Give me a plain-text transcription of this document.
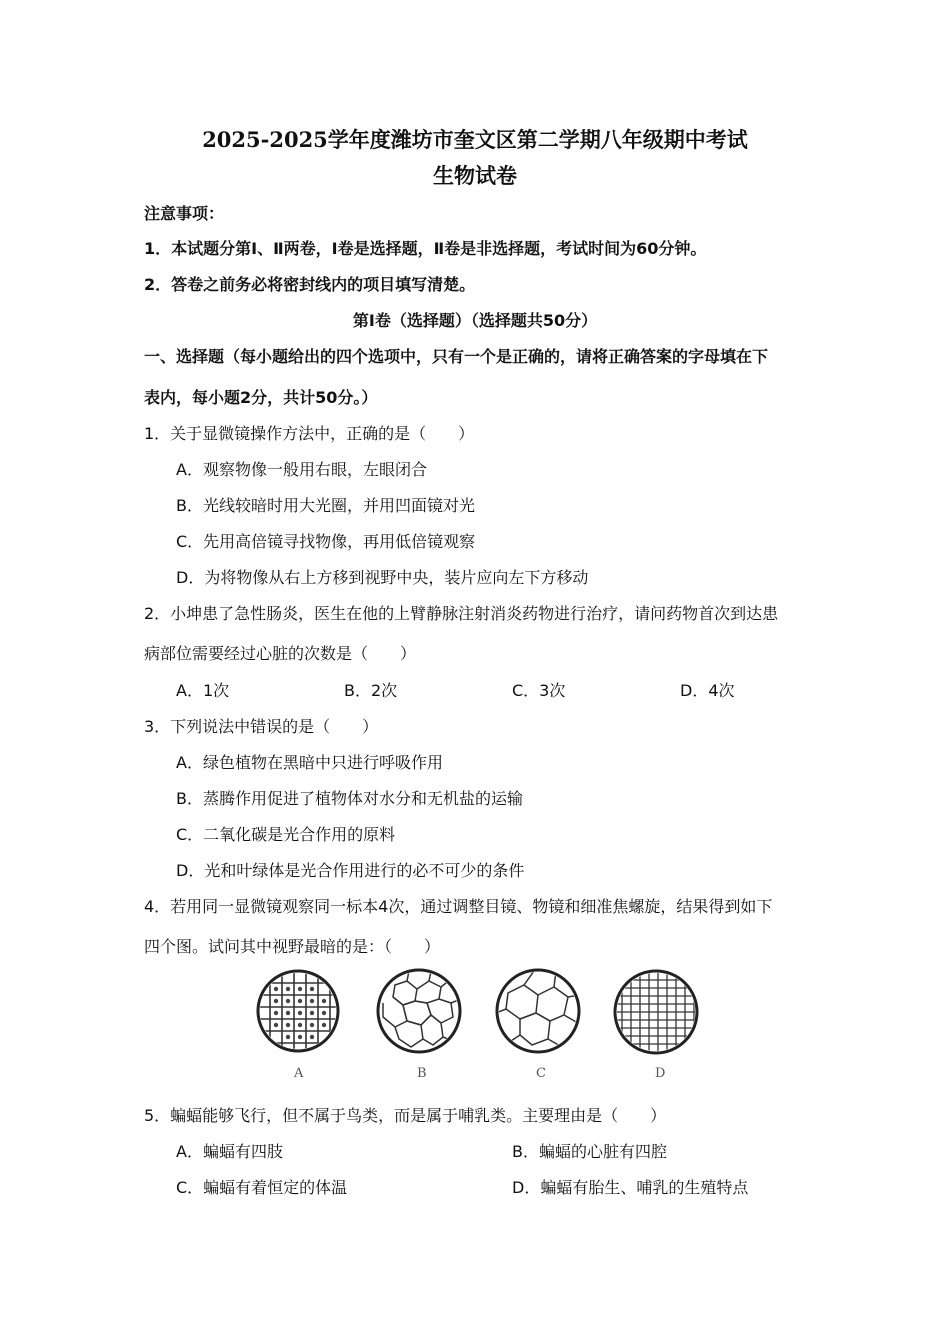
2025-2025学年度潍坊市奎文区第二学期八年级期中考试
生物试卷
注意事项：
1．本试题分第Ⅰ、Ⅱ两卷，Ⅰ卷是选择题，Ⅱ卷是非选择题，考试时间为60分钟。
2．答卷之前务必将密封线内的项目填写清楚。
第Ⅰ卷（选择题）（选择题共50分）
一、选择题（每小题给出的四个选项中，只有一个是正确的，请将正确答案的字母填在下
表内，每小题2分，共计50分。）
1．关于显微镜操作方法中，正确的是（　　）
A．观察物像一般用右眼，左眼闭合
B．光线较暗时用大光圈，并用凹面镜对光
C．先用高倍镜寻找物像，再用低倍镜观察
D．为将物像从右上方移到视野中央，装片应向左下方移动
2．小坤患了急性肠炎，医生在他的上臂静脉注射消炎药物进行治疗，请问药物首次到达患
病部位需要经过心脏的次数是（　　）
A．1次	B．2次	C．3次	D．4次
3．下列说法中错误的是（　　）
A．绿色植物在黑暗中只进行呼吸作用
B．蒸腾作用促进了植物体对水分和无机盐的运输
C．二氧化碳是光合作用的原料
D．光和叶绿体是光合作用进行的必不可少的条件
4．若用同一显微镜观察同一标本4次，通过调整目镜、物镜和细准焦螺旋，结果得到如下
四个图。试问其中视野最暗的是：（　　）
A	B	C	D
5．蝙蝠能够飞行，但不属于鸟类，而是属于哺乳类。主要理由是（　　）
A．蝙蝠有四肢	B．蝙蝠的心脏有四腔
C．蝙蝠有着恒定的体温	D．蝙蝠有胎生、哺乳的生殖特点
